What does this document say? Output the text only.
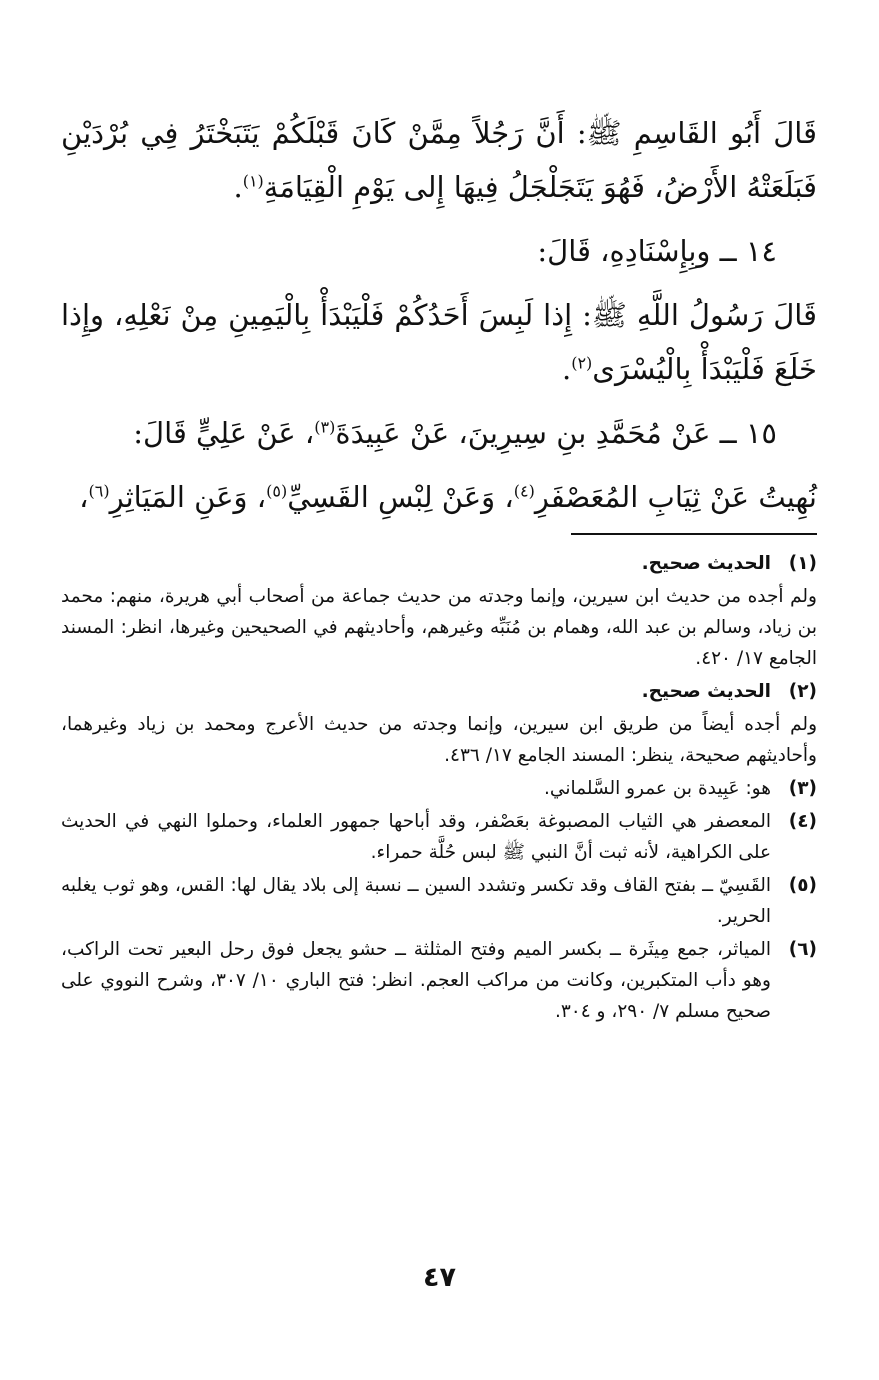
قَالَ أَبُو القَاسِمِ ﷺ: أَنَّ رَجُلاً مِمَّنْ كَانَ قَبْلَكُمْ يَتَبَخْتَرُ فِي بُرْدَيْنِ فَبَلَعَتْهُ الأَرْضُ، فَهُوَ يَتَجَلْجَلُ فِيهَا إِلى يَوْمِ الْقِيَامَةِ$^{(١)}$.

١٤ ــ وبِإِسْنَادِهِ، قَالَ:

قَالَ رَسُولُ اللَّهِ ﷺ: إِذا لَبِسَ أَحَدُكُمْ فَلْيَبْدَأْ بِالْيَمِينِ مِنْ نَعْلِهِ، وإِذا خَلَعَ فَلْيَبْدَأْ بِالْيُسْرَى$^{(٢)}$.

١٥ ــ عَنْ مُحَمَّدِ بنِ سِيرِينَ، عَنْ عَبِيدَةَ$^{(٣)}$، عَنْ عَلِيٍّ قَالَ:

نُهِيتُ عَنْ ثِيَابِ المُعَصْفَرِ$^{(٤)}$، وَعَنْ لِبْسِ القَسِيِّ$^{(٥)}$، وَعَنِ المَيَاثِرِ$^{(٦)}$،

(١)
الحديث صحيح.

ولم أجده من حديث ابن سيرين، وإنما وجدته من حديث جماعة من أصحاب أبي هريرة، منهم: محمد بن زياد، وسالم بن عبد الله، وهمام بن مُنَبِّه وغيرهم، وأحاديثهم في الصحيحين وغيرها، انظر: المسند الجامع ١٧/ ٤٢٠.

(٢)
الحديث صحيح.

ولم أجده أيضاً من طريق ابن سيرين، وإنما وجدته من حديث الأعرج ومحمد بن زياد وغيرهما، وأحاديثهم صحيحة، ينظر: المسند الجامع ١٧/ ٤٣٦.

(٣)
هو: عَبِيدة بن عمرو السَّلماني.
(٤)
المعصفر هي الثياب المصبوغة بعَصْفر، وقد أباحها جمهور العلماء، وحملوا النهي في الحديث على الكراهية، لأنه ثبت أنَّ النبي ﷺ لبس حُلَّة حمراء.
(٥)
القَسِيّ ــ بفتح القاف وقد تكسر وتشدد السين ــ نسبة إلى بلاد يقال لها: القس، وهو ثوب يغلبه الحرير.
(٦)
المياثر، جمع مِيثَرة ــ بكسر الميم وفتح المثلثة ــ حشو يجعل فوق رحل البعير تحت الراكب، وهو دأب المتكبرين، وكانت من مراكب العجم. انظر: فتح الباري ١٠/ ٣٠٧، وشرح النووي على صحيح مسلم ٧/ ٢٩٠، و ٣٠٤.
٤٧
